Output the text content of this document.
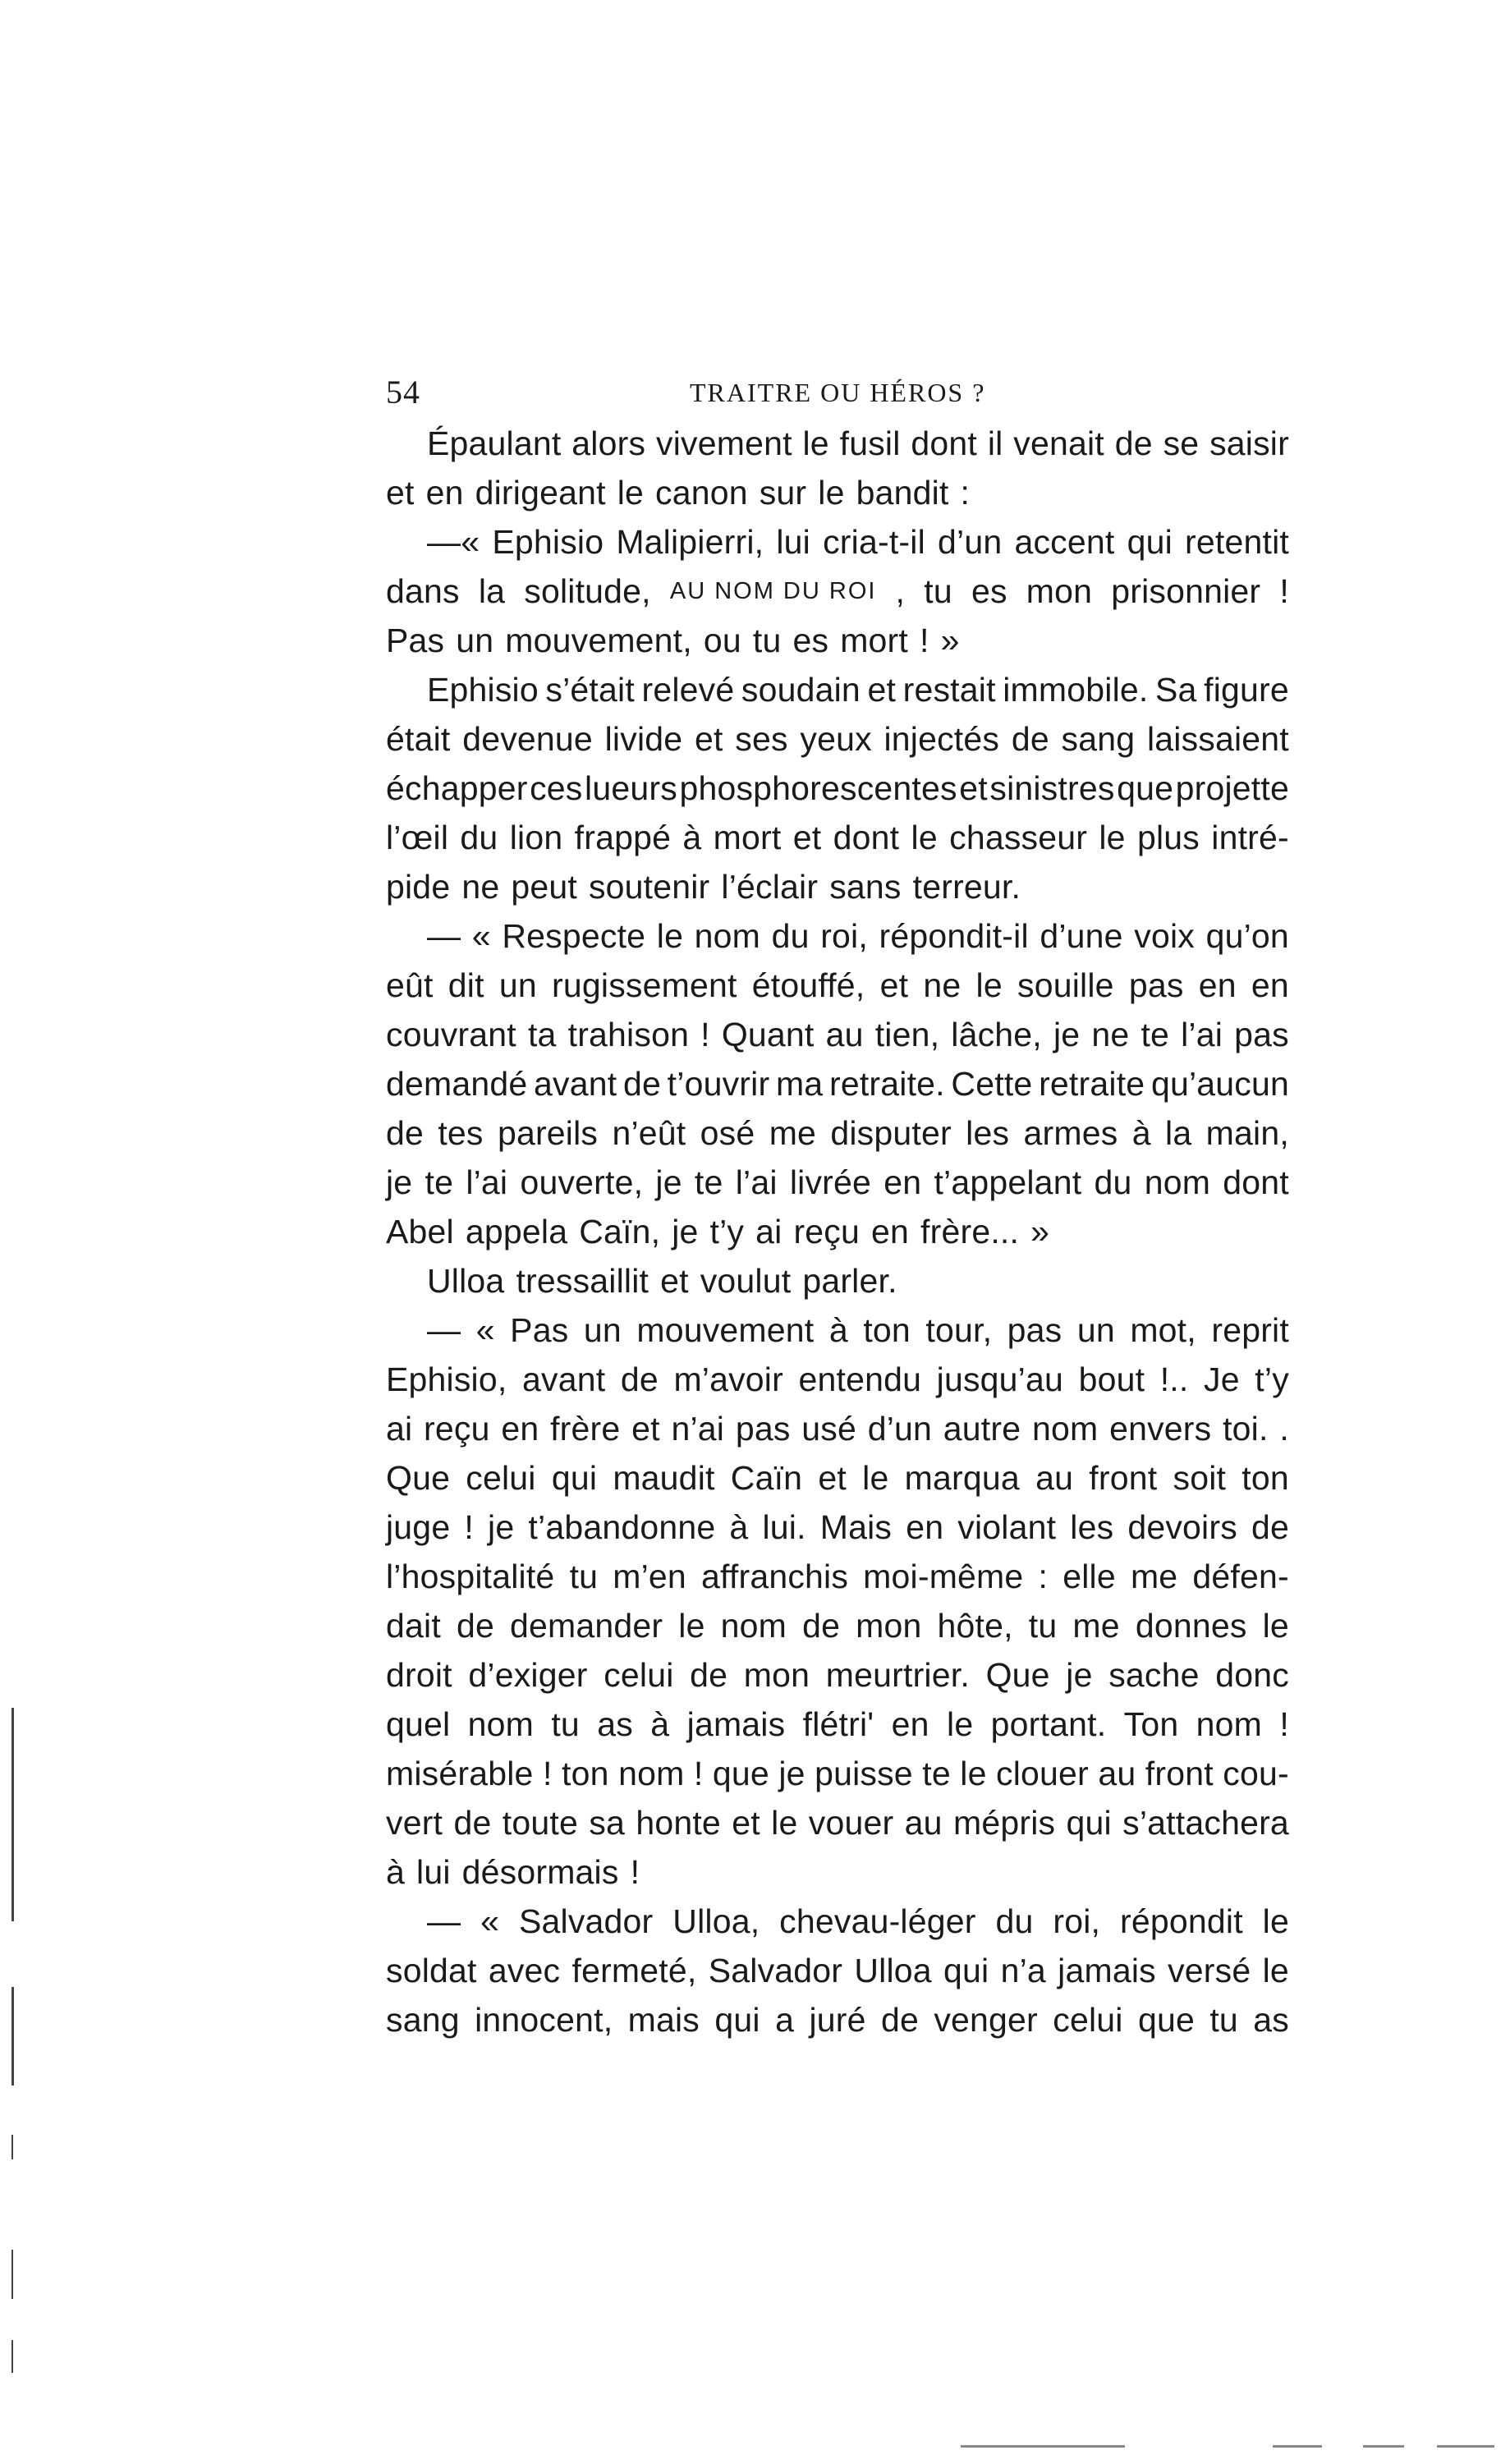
54	TRAITRE OU HÉROS ?
Épaulant alors vivement le fusil dont il venait de se saisir
et en dirigeant le canon sur le bandit :
—« Ephisio Malipierri, lui cria-t-il d’un accent qui retentit
dans la solitude, AU NOM DU ROI , tu es mon prisonnier !
Pas un mouvement, ou tu es mort ! »
Ephisio s’était relevé soudain et restait immobile. Sa figure
était devenue livide et ses yeux injectés de sang laissaient
échapper ces lueurs phosphorescentes et sinistres que projette
l’œil du lion frappé à mort et dont le chasseur le plus intré-
pide ne peut soutenir l’éclair sans terreur.
— « Respecte le nom du roi, répondit-il d’une voix qu’on
eût dit un rugissement étouffé, et ne le souille pas en en
couvrant ta trahison ! Quant au tien, lâche, je ne te l’ai pas
demandé avant de t’ouvrir ma retraite. Cette retraite qu’aucun
de tes pareils n’eût osé me disputer les armes à la main,
je te l’ai ouverte, je te l’ai livrée en t’appelant du nom dont
Abel appela Caïn, je t’y ai reçu en frère... »
Ulloa tressaillit et voulut parler.
— « Pas un mouvement à ton tour, pas un mot, reprit
Ephisio, avant de m’avoir entendu jusqu’au bout !.. Je t’y
ai reçu en frère et n’ai pas usé d’un autre nom envers toi. .
Que celui qui maudit Caïn et le marqua au front soit ton
juge ! je t’abandonne à lui. Mais en violant les devoirs de
l’hospitalité tu m’en affranchis moi-même : elle me défen-
dait de demander le nom de mon hôte, tu me donnes le
droit d’exiger celui de mon meurtrier. Que je sache donc
quel nom tu as à jamais flétri' en le portant. Ton nom !
misérable ! ton nom ! que je puisse te le clouer au front cou-
vert de toute sa honte et le vouer au mépris qui s’attachera
à lui désormais !
— « Salvador Ulloa, chevau-léger du roi, répondit le
soldat avec fermeté, Salvador Ulloa qui n’a jamais versé le
sang innocent, mais qui a juré de venger celui que tu as
